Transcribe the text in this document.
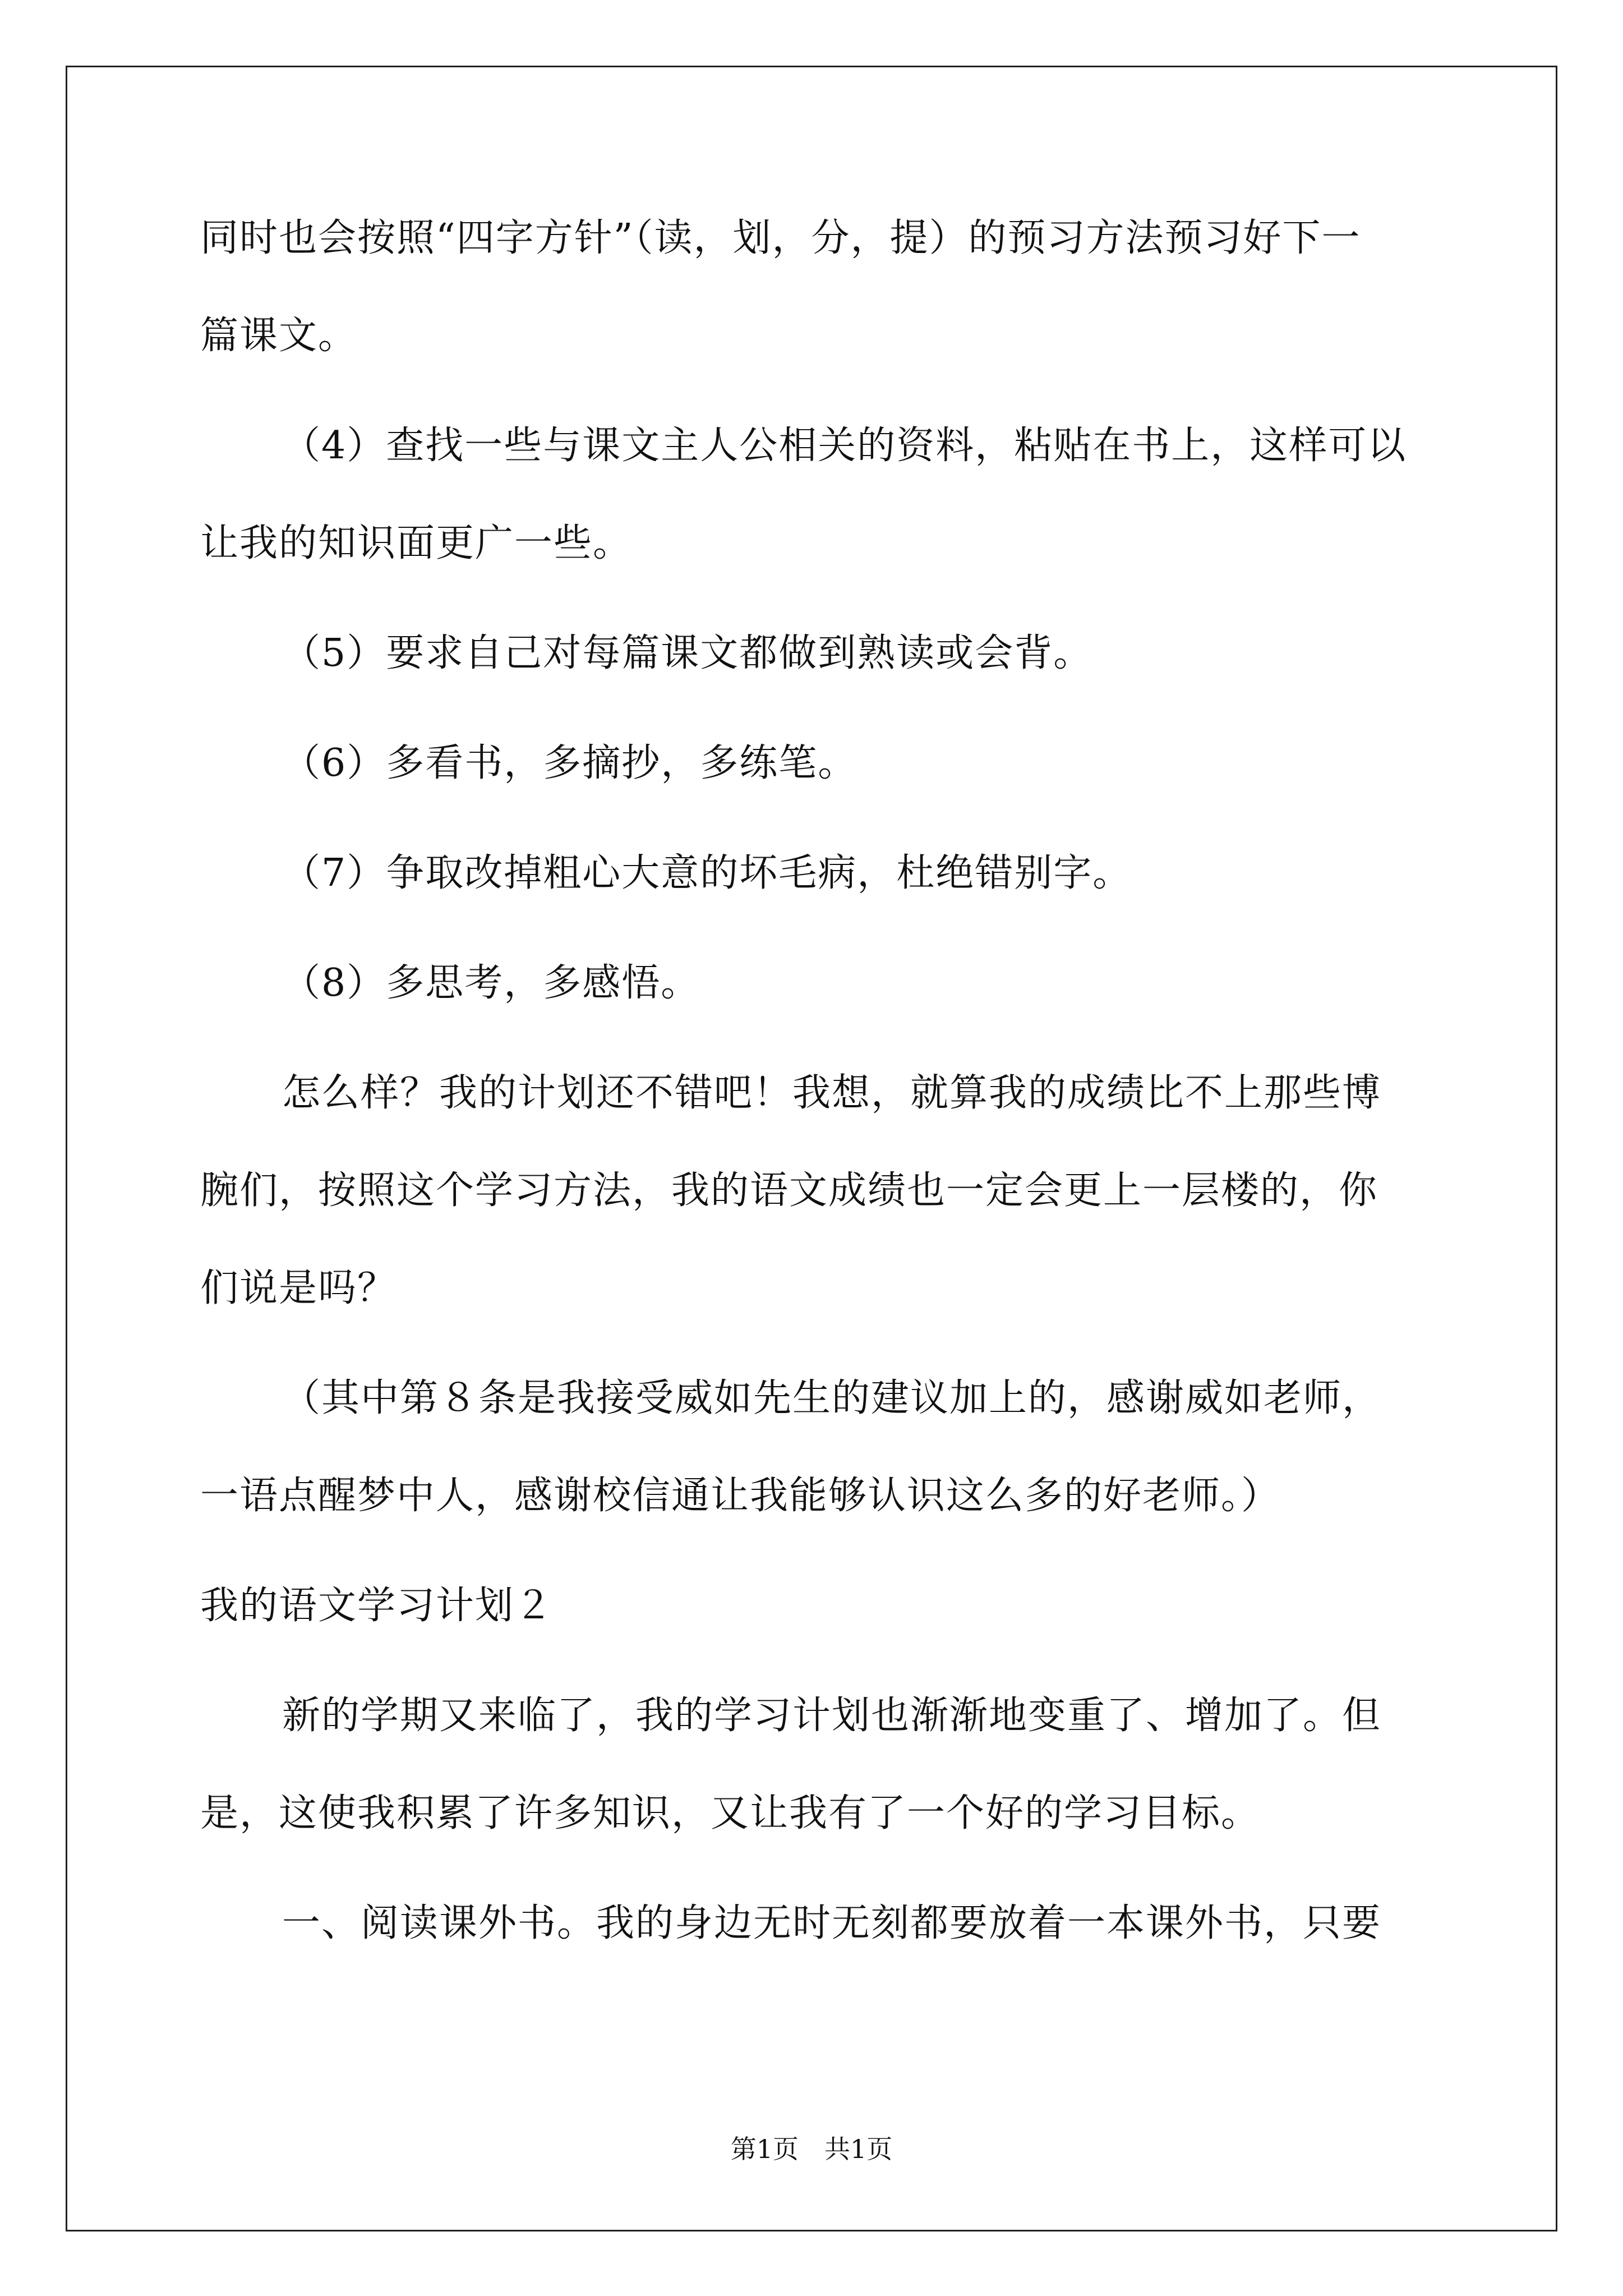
同时也会按照“四字方针”（读，划，分，提）的预习方法预习好下一
篇课文。
（4）查找一些与课文主人公相关的资料，粘贴在书上，这样可以
让我的知识面更广一些。
（5）要求自己对每篇课文都做到熟读或会背。
（6）多看书，多摘抄，多练笔。
（7）争取改掉粗心大意的坏毛病，杜绝错别字。
（8）多思考，多感悟。
怎么样？我的计划还不错吧！我想，就算我的成绩比不上那些博
腕们，按照这个学习方法，我的语文成绩也一定会更上一层楼的，你
们说是吗？
（其中第８条是我接受威如先生的建议加上的，感谢威如老师，
一语点醒梦中人，感谢校信通让我能够认识这么多的好老师。）
我的语文学习计划２
新的学期又来临了，我的学习计划也渐渐地变重了、增加了。但
是，这使我积累了许多知识，又让我有了一个好的学习目标。
一、阅读课外书。我的身边无时无刻都要放着一本课外书，只要
第1页　共1页
